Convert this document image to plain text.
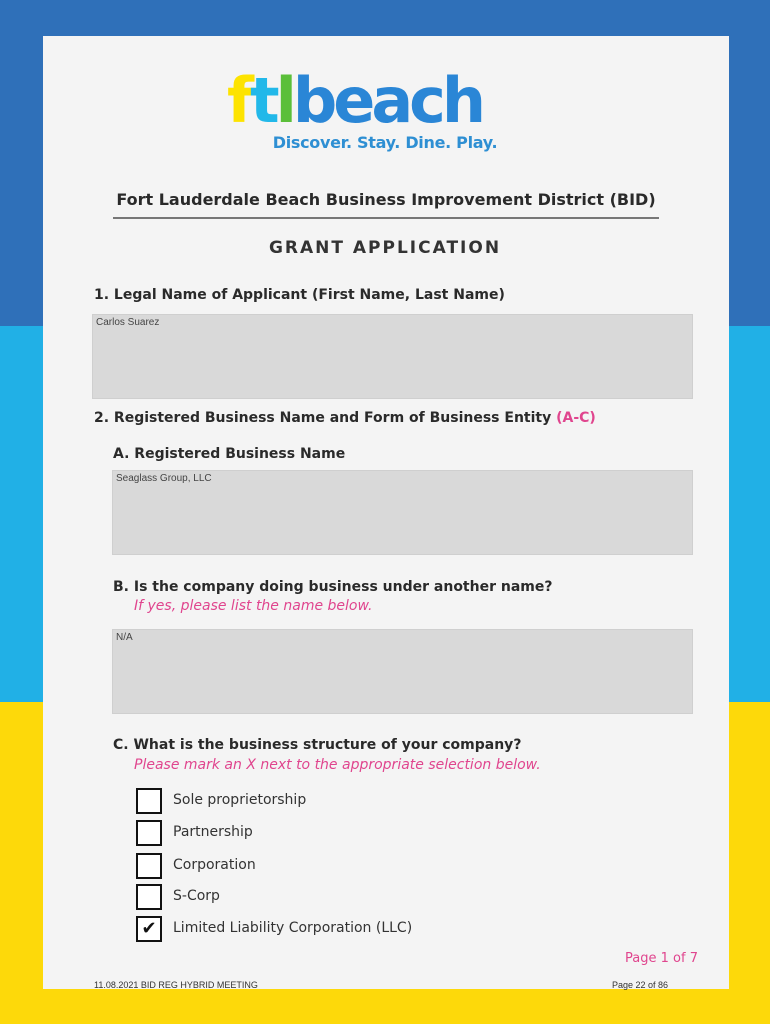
ftlbeach
Discover. Stay. Dine. Play.
Fort Lauderdale Beach Business Improvement District (BID)
GRANT APPLICATION
1. Legal Name of Applicant (First Name, Last Name)
Carlos Suarez
2. Registered Business Name and Form of Business Entity (A-C)
A. Registered Business Name
Seaglass Group, LLC
B. Is the company doing business under another name?
If yes, please list the name below.
N/A
C. What is the business structure of your company?
Please mark an X next to the appropriate selection below.
Sole proprietorship
Partnership
Corporation
S-Corp
✔	Limited Liability Corporation (LLC)
Page 1 of 7
11.08.2021 BID REG HYBRID MEETING	Page 22 of 86
